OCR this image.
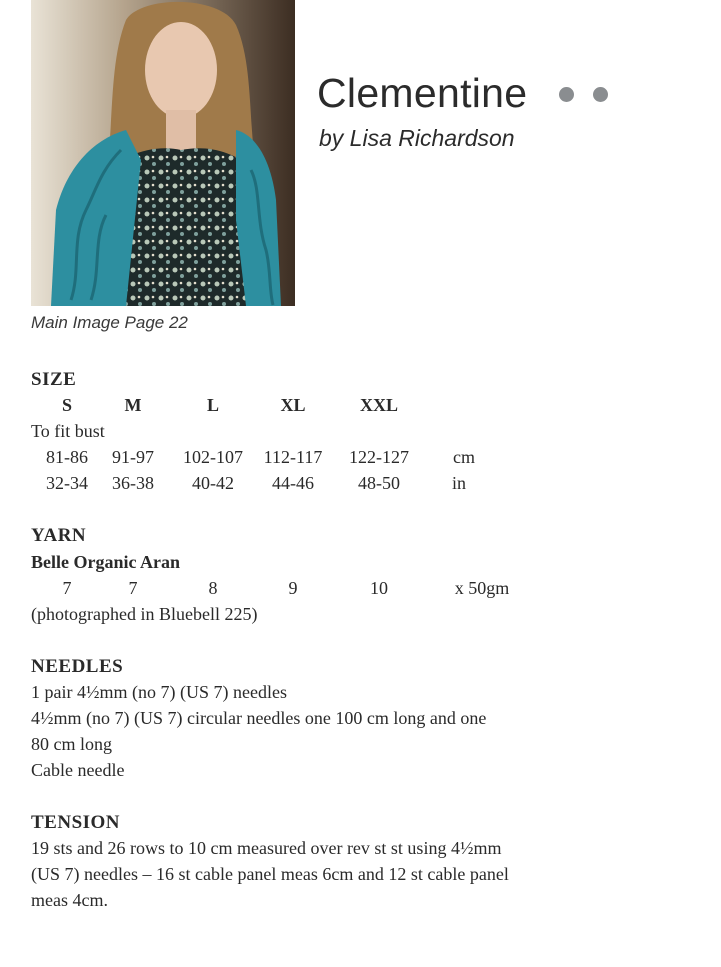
Main Image Page 22
Clementine
by Lisa Richardson
SIZE
S	M	L	XL	XXL
To fit bust
81-86	91-97	102-107	112-117	122-127	cm
32-34	36-38	40-42	44-46	48-50	in
YARN
Belle Organic Aran
7	7	8	9	10	x 50gm
(photographed in Bluebell 225)
NEEDLES
1 pair 4½mm (no 7) (US 7) needles
4½mm (no 7) (US 7) circular needles one 100 cm long and one
80 cm long
Cable needle
TENSION
19 sts and 26 rows to 10 cm measured over rev st st using 4½mm
(US 7) needles – 16 st cable panel meas 6cm and 12 st cable panel
meas 4cm.
